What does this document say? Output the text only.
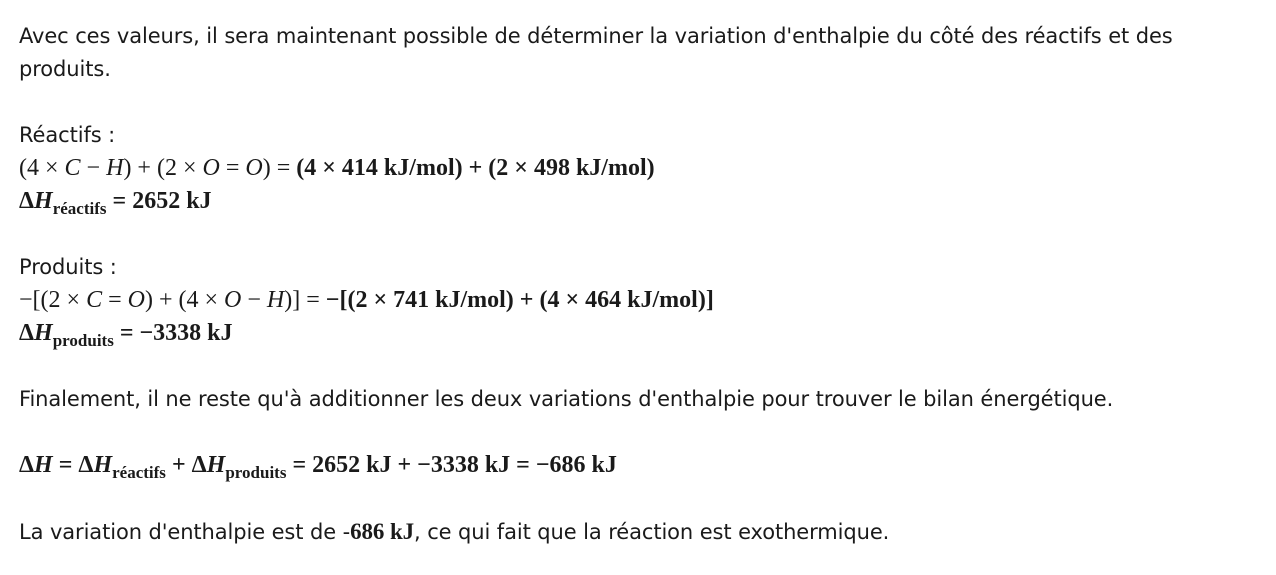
Avec ces valeurs, il sera maintenant possible de déterminer la variation d'enthalpie du côté des réactifs et des produits.

Réactifs :

(4 × C − H) + (2 × O = O) = (4 × 414 kJ/mol) + (2 × 498 kJ/mol)

$\Delta H_{réactifs} = 2652$ kJ

Produits :

−[(2 × C = O) + (4 × O − H)] = −[(2 × 741 kJ/mol) + (4 × 464 kJ/mol)]

$\Delta H_{produits} = -3338$ kJ

Finalement, il ne reste qu'à additionner les deux variations d'enthalpie pour trouver le bilan énergétique.

$\Delta H = \Delta H_{réactifs} + \Delta H_{produits} = 2652$ kJ + −3338 kJ = −686 kJ

La variation d'enthalpie est de -686 kJ, ce qui fait que la réaction est exothermique.
